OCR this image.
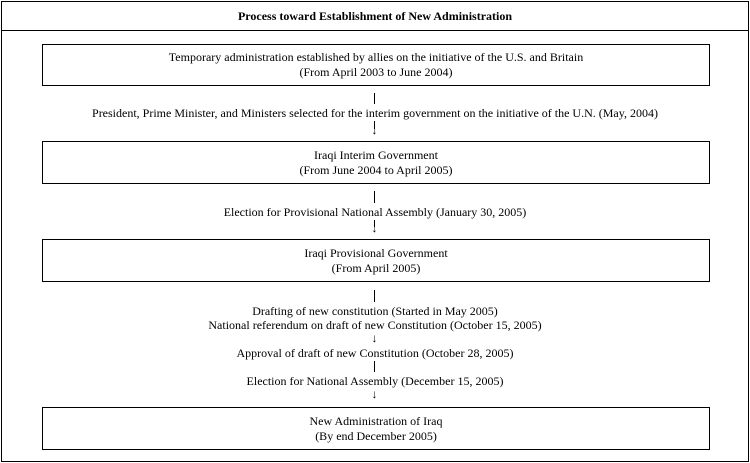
Process toward Establishment of New Administration
Temporary administration established by allies on the initiative of the U.S. and Britain
(From April 2003 to June 2004)
President, Prime Minister, and Ministers selected for the interim government on the initiative of the U.N. (May, 2004)
↓
Iraqi Interim Government
(From June 2004 to April 2005)
Election for Provisional National Assembly (January 30, 2005)
↓
Iraqi Provisional Government
(From April 2005)
Drafting of new constitution (Started in May 2005)
National referendum on draft of new Constitution (October 15, 2005)
↓
Approval of draft of new Constitution (October 28, 2005)
Election for National Assembly (December 15, 2005)
↓
New Administration of Iraq
(By end December 2005)
